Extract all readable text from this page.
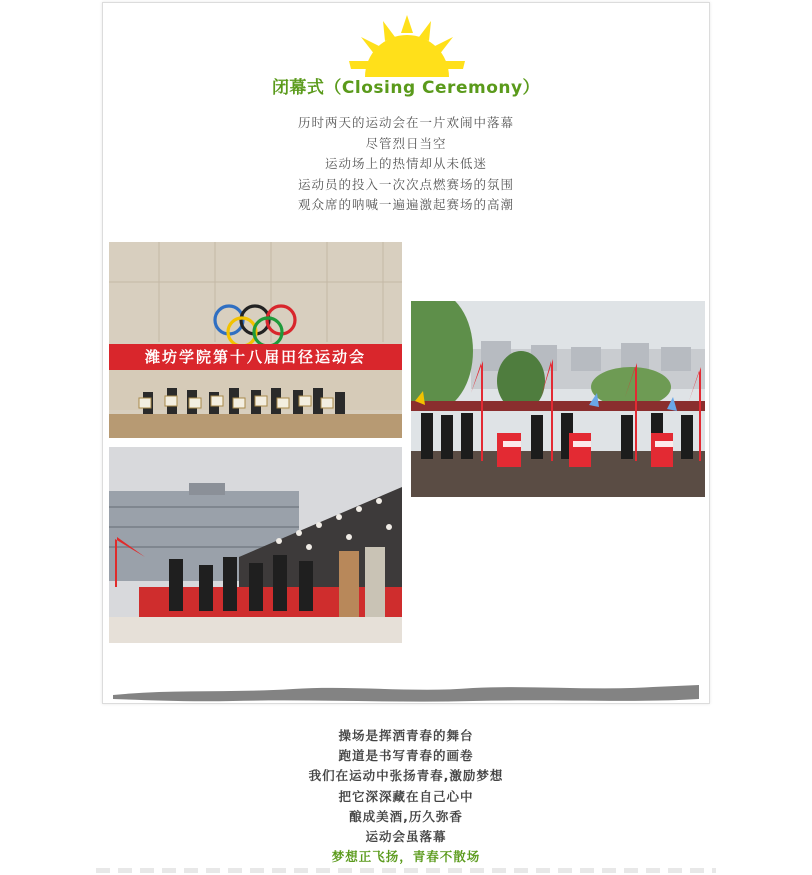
闭幕式（Closing Ceremony）
历时两天的运动会在一片欢闹中落幕
尽管烈日当空
运动场上的热情却从未低迷
运动员的投入一次次点燃赛场的氛围
观众席的呐喊一遍遍激起赛场的高潮
潍坊学院第十八届田径运动会
操场是挥洒青春的舞台
跑道是书写青春的画卷
我们在运动中张扬青春,激励梦想
把它深深藏在自己心中
酿成美酒,历久弥香
运动会虽落幕
梦想正飞扬，青春不散场
